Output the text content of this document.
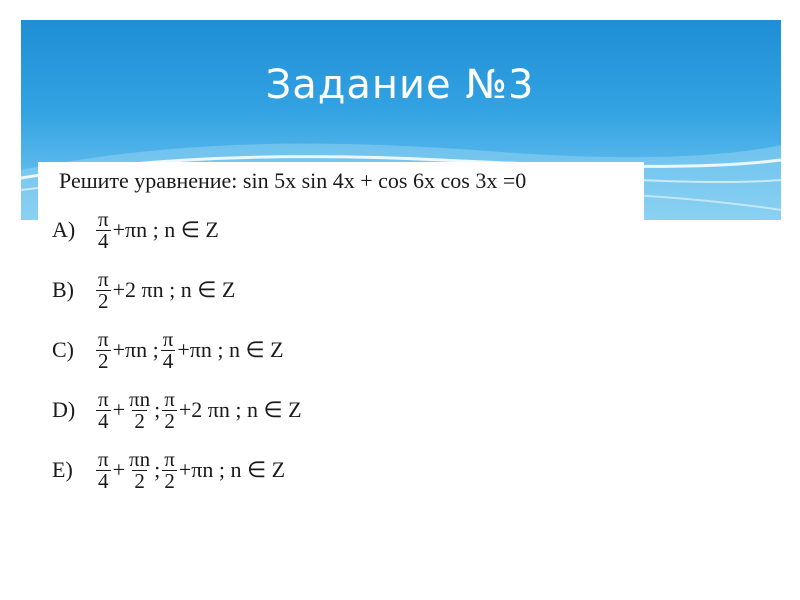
Задание №3
Решите уравнение: sin 5x sin 4x + cos 6x cos 3x =0
$A) \frac{\pi}{4} +\pi n$ ; n ∈ Z
B)	$\frac{\pi}{2} +2$ πn ; n ∈ Z
C)	$\frac{\pi}{2} +\pi n$ ; $\frac{\pi}{4} +\pi n$ ; n ∈ Z
$D) \frac{\pi}{4} + \frac{\pi n}{2}$ ; $\frac{\pi}{2} +2$ πn ; n ∈ Z
E)	$\frac{\pi}{4} + \frac{\pi n}{2}$ ; $\frac{\pi}{2} +\pi n$ ; n ∈ Z
